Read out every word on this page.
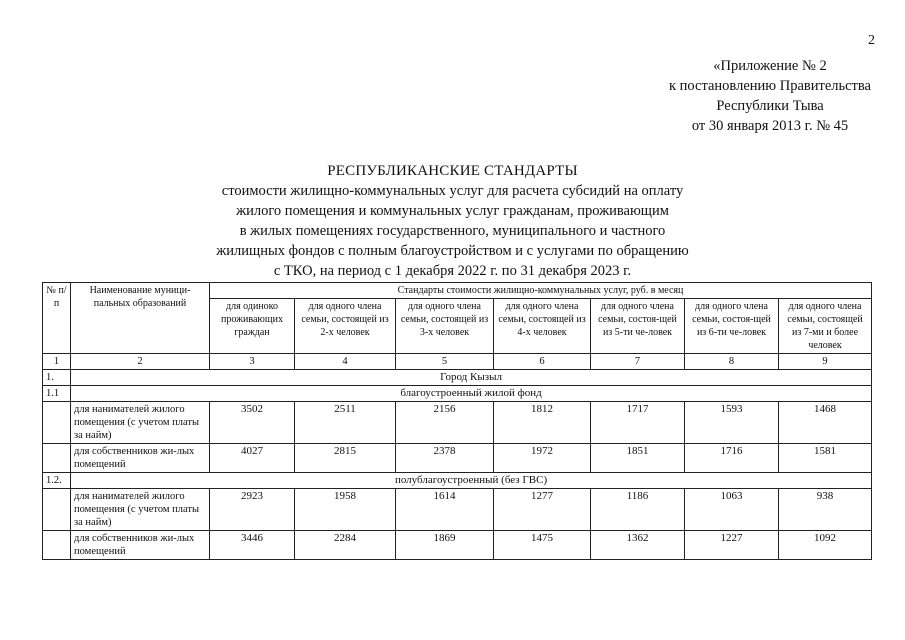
2
«Приложение № 2
к постановлению Правительства
Республики Тыва
от 30 января 2013 г. № 45
РЕСПУБЛИКАНСКИЕ СТАНДАРТЫ
стоимости жилищно-коммунальных услуг для расчета субсидий на оплату
жилого помещения и коммунальных услуг гражданам, проживающим
в жилых помещениях государственного, муниципального и частного
жилищных фондов с полным благоустройством и с услугами по обращению
с ТКО, на период с 1 декабря 2022 г. по 31 декабря 2023 г.
№ п/п	Наименование муници-пальных образований	Стандарты стоимости жилищно-коммунальных услуг, руб. в месяц						
		для одиноко проживающих граждан	для одного члена семьи, состоящей из 2-х человек	для одного члена семьи, состоящей из 3-х человек	для одного члена семьи, состоящей из 4-х человек	для одного члена семьи, состоя-щей из 5-ти че-ловек	для одного члена семьи, состоя-щей из 6-ти че-ловек	для одного члена семьи, состоящей из 7-ми и более человек
1	2	3	4	5	6	7	8	9
1.	Город Кызыл							
1.1	благоустроенный жилой фонд							
	для нанимателей жилого помещения (с учетом платы за найм)	3502	2511	2156	1812	1717	1593	1468
	для собственников жи-лых помещений	4027	2815	2378	1972	1851	1716	1581
1.2.	полублагоустроенный (без ГВС)							
	для нанимателей жилого помещения (с учетом платы за найм)	2923	1958	1614	1277	1186	1063	938
	для собственников жи-лых помещений	3446	2284	1869	1475	1362	1227	1092
